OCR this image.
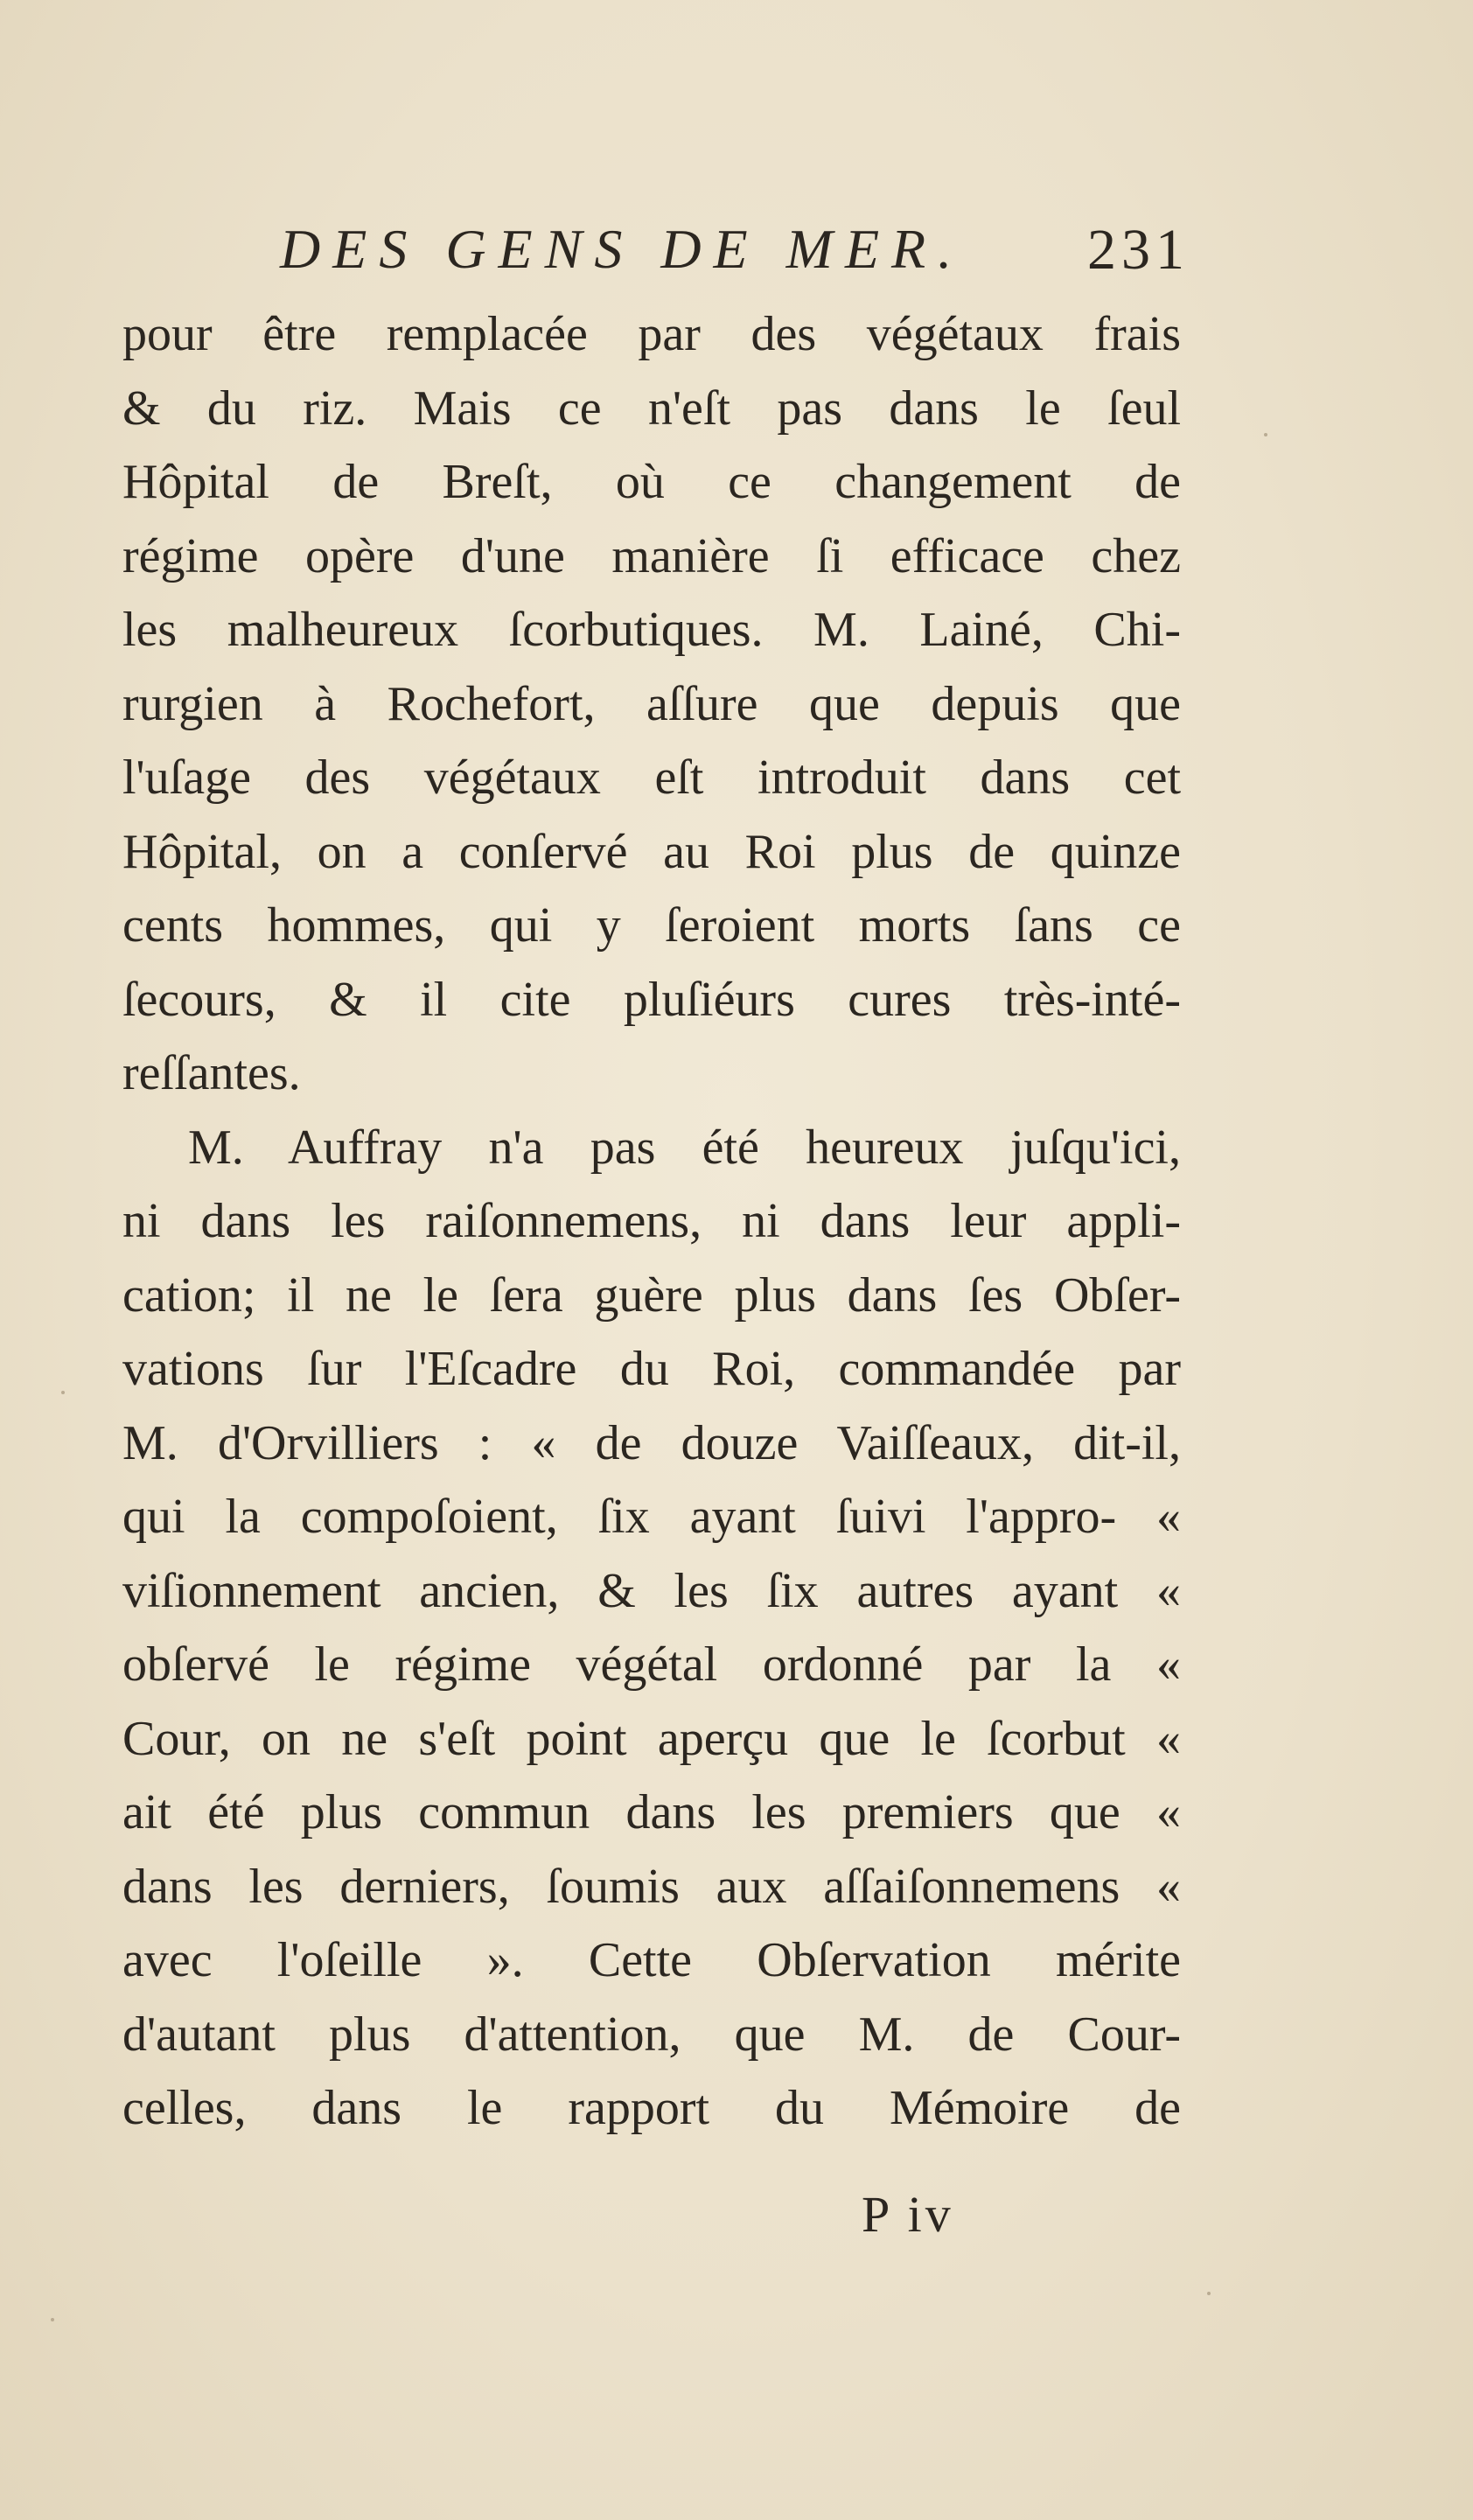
DES GENS DE MER. 231
pour être remplacée par des végétaux frais
& du riz. Mais ce n'eſt pas dans le ſeul
Hôpital de Breſt, où ce changement de
régime opère d'une manière ſi efficace chez
les malheureux ſcorbutiques. M. Lainé, Chi-
rurgien à Rochefort, aſſure que depuis que
l'uſage des végétaux eſt introduit dans cet
Hôpital, on a conſervé au Roi plus de quinze
cents hommes, qui y ſeroient morts ſans ce
ſecours, & il cite pluſiéurs cures très-inté-
reſſantes.
M. Auffray n'a pas été heureux juſqu'ici,
ni dans les raiſonnemens, ni dans leur appli-
cation; il ne le ſera guère plus dans ſes Obſer-
vations ſur l'Eſcadre du Roi, commandée par
M. d'Orvilliers : « de douze Vaiſſeaux, dit-il,
qui la compoſoient, ſix ayant ſuivi l'appro- «
viſionnement ancien, & les ſix autres ayant «
obſervé le régime végétal ordonné par la «
Cour, on ne s'eſt point aperçu que le ſcorbut «
ait été plus commun dans les premiers que «
dans les derniers, ſoumis aux aſſaiſonnemens «
avec l'oſeille ». Cette Obſervation mérite
d'autant plus d'attention, que M. de Cour-
celles, dans le rapport du Mémoire de
P iv
